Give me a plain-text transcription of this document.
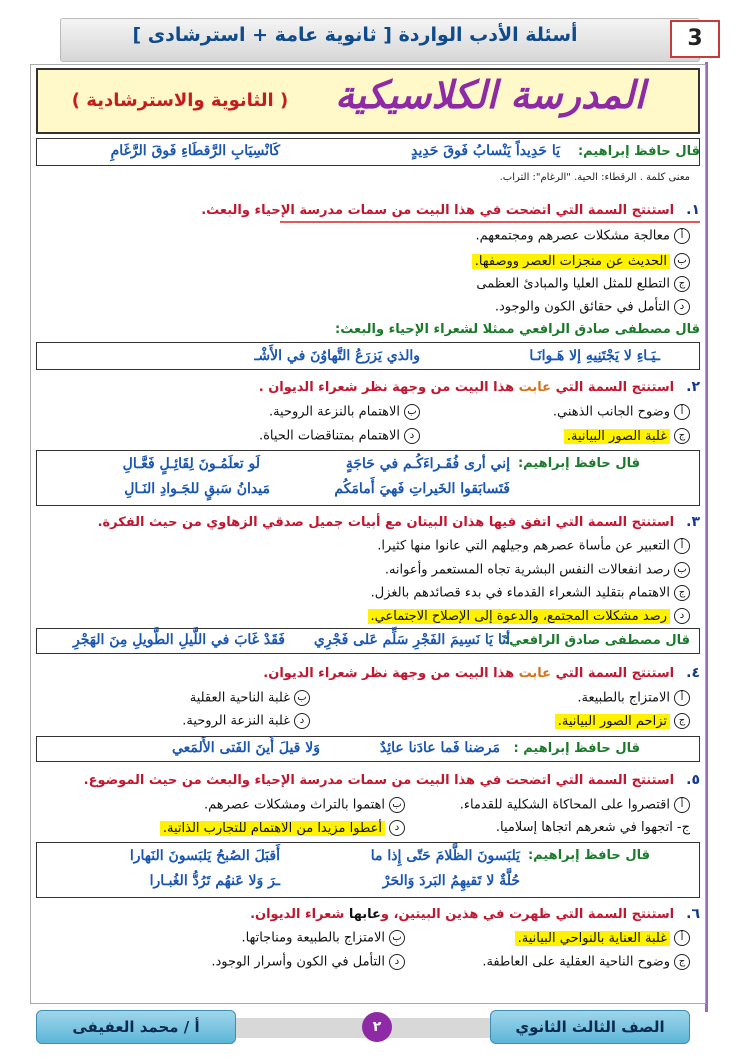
أسئلة الأدب الواردة [ ثانوية عامة + استرشادى ]	3
المدرسة الكلاسيكية
( الثانوية والاسترشادية )
قال حافظ إبراهيم:
يَا حَدِيداً يَنْسابُ فَوقَ حَدِيدٍ
كَانْسِيَابِ الرَّقطَاءِ فَوقَ الرَّغَامِ
معنى كلمة . الرقطاء: الحية. "الرغام": التراب.
١.استنتج السمة التي اتضحت في هذا البيت من سمات مدرسة الإحياء والبعث.
أمعالجة مشكلات عصرهم ومجتمعهم.
بالحديث عن منجزات العصر ووصفها.
جالتطلع للمثل العليا والمبادئ العظمى
دالتأمل في حقائق الكون والوجود.
قال مصطفى صادق الرافعي ممثلا لشعراء الإحياء والبعث:
والذي يَزرَعُ التَّهاوُنَ في الأَشْـ	ـيَـاءِ لا يَجْتَنِيهِ إلا هَـوانَـا
٢.استنتج السمة التي عابت هذا البيت من وجهة نظر شعراء الديوان .
أوضوح الجانب الذهني.
بالاهتمام بالنزعة الروحية.
جغلبة الصور البيانية.
دالاهتمام بمتناقضات الحياة.
قال حافظ إبراهيم:
إني أرى فُقَـراءَكُـم في حَاجَةٍ
لَو تعلَمُـونَ لِقَائِـلٍ فَعَّـالِ
فَتَسابَقوا الخَيراتِ فَهيَ أَمامَكُم
مَيدانُ سَبقٍ للجَـوادِ النَـالِ
٣.استنتج السمة التي اتفق فيها هذان البيتان مع أبيات جميل صدقي الزهاوي من حيث الفكرة.
أالتعبير عن مأساة عصرهم وجيلهم التي عانوا منها كثيرا.
برصد انفعالات النفس البشرية تجاه المستعمر وأعوانه.
جالاهتمام بتقليد الشعراء القدماء في بدء قصائدهم بالغزل.
درصد مشكلات المجتمع، والدعوة إلى الإصلاح الاجتماعي.
قال مصطفى صادق الرافعي:
أنَا يَا نَسِيمَ الفَجْرِ سَلِّم عَلى فَجْرِي
فَقَدْ غَابَ في اللَّيلِ الطَّويلِ مِنَ الهَجْرِ
٤.استنتج السمة التي عابت هذا البيت من وجهة نظر شعراء الديوان.
أالامتزاج بالطبيعة.
بغلبة الناحية العقلية
جتزاحم الصور البيانية.
دغلبة النزعة الروحية.
قال حافظ إبراهيم :
مَرضنا فَما عادَنا عائِدٌ
وَلا قيلَ أَينَ الفَتى الأَلمَعي
٥.استنتج السمة التي اتضحت في هذا البيت من سمات مدرسة الإحياء والبعث من حيث الموضوع.
أاقتصروا على المحاكاة الشكلية للقدماء.
باهتموا بالتراث ومشكلات عصرهم.
ج-اتجهوا في شعرهم اتجاها إسلاميا.
دأعطوا مزيدا من الاهتمام للتجارب الذاتية.
قال حافظ إبراهيم:
يَلبَسونَ الظَّلامَ حَتّى إِذا ما
أَقبَلَ الصُبحُ يَلبَسونَ النَهارا
حُلَّةٌ لا تَقيهِمُ البَردَ وَالحَرْ
ـرَ وَلا عَنهُم تَرُدُّ الغُبـارا
٦.استنتج السمة التي ظهرت في هذين البيتين، وعابها شعراء الديوان.
أغلبة العناية بالنواحي البيانية.
بالامتزاج بالطبيعة ومناجاتها.
جوضوح الناحية العقلية على العاطفة.
دالتأمل في الكون وأسرار الوجود.
الصف الثالث الثانوي
٢
أ / محمد العفيفى
